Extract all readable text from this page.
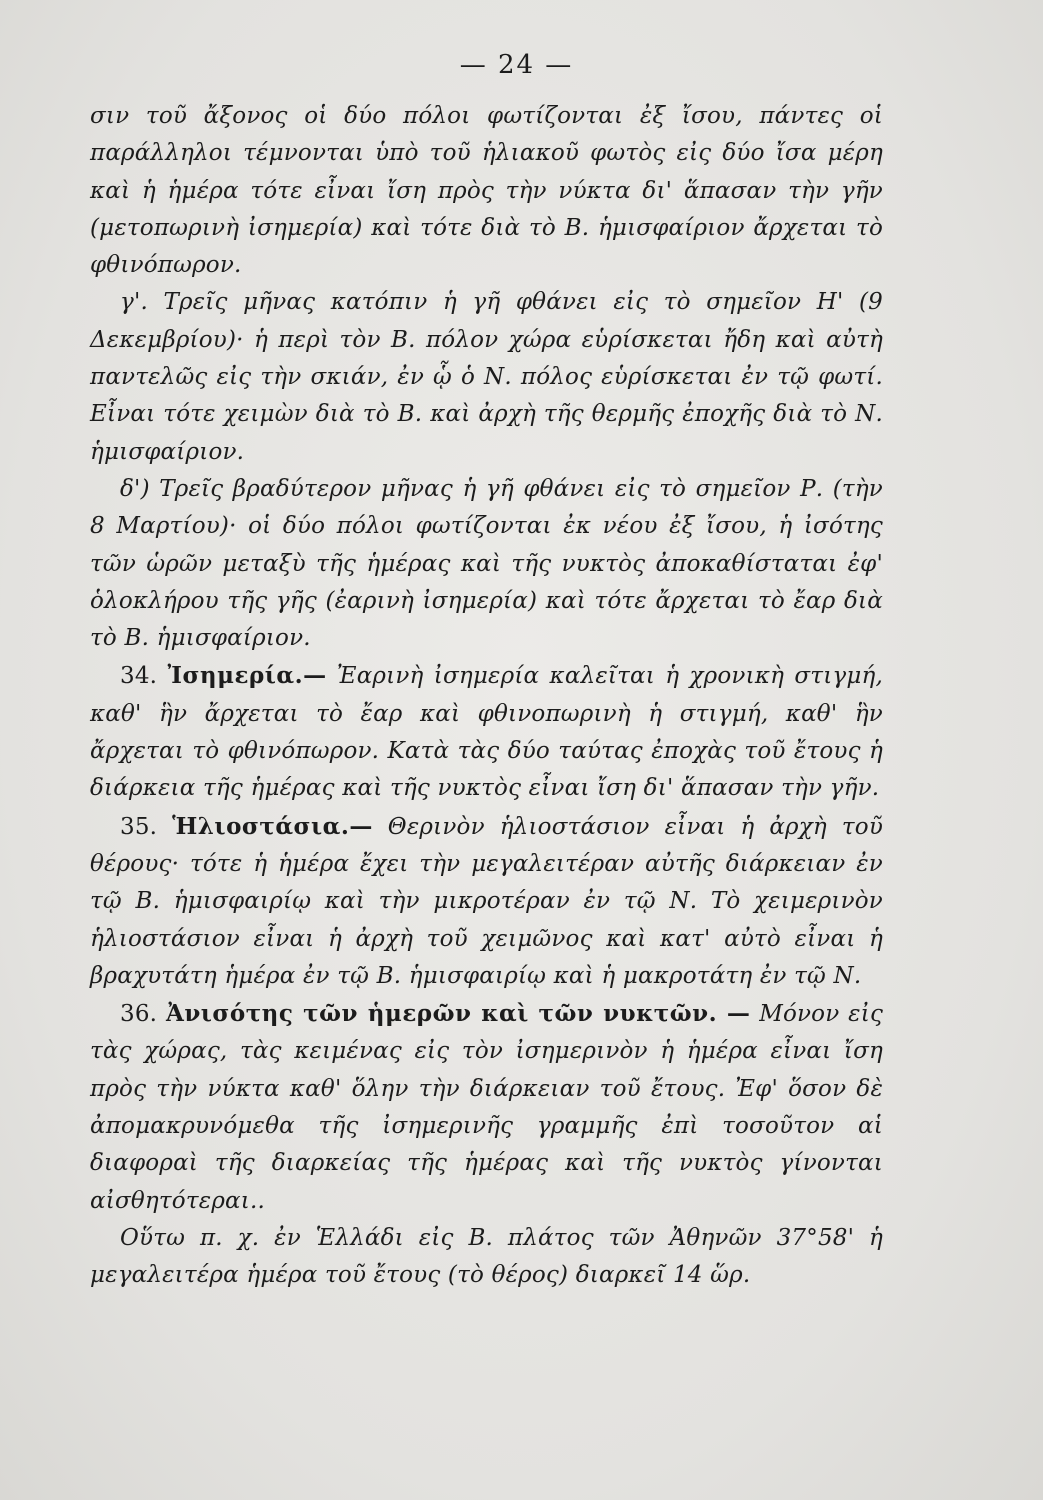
— 24 —

σιν τοῦ ἄξονος οἱ δύο πόλοι φωτίζονται ἐξ ἴσου, πάντες οἱ παράλληλοι τέμνονται ὑπὸ τοῦ ἡλιακοῦ φωτὸς εἰς δύο ἴσα μέρη καὶ ἡ ἡμέρα τότε εἶναι ἴση πρὸς τὴν νύκτα δι' ἅπασαν τὴν γῆν (μετοπωρινὴ ἰσημερία) καὶ τότε διὰ τὸ Β. ἡμισφαίριον ἄρχεται τὸ φθινόπωρον.

γ'. Τρεῖς μῆνας κατόπιν ἡ γῆ φθάνει εἰς τὸ σημεῖον Η' (9 Δεκεμβρίου)· ἡ περὶ τὸν Β. πόλον χώρα εὑρίσκεται ἤδη καὶ αὐτὴ παντελῶς εἰς τὴν σκιάν, ἐν ᾧ ὁ Ν. πόλος εὑρίσκεται ἐν τῷ φωτί. Εἶναι τότε χειμὼν διὰ τὸ Β. καὶ ἀρχὴ τῆς θερμῆς ἐποχῆς διὰ τὸ Ν. ἡμισφαίριον.

δ') Τρεῖς βραδύτερον μῆνας ἡ γῆ φθάνει εἰς τὸ σημεῖον Ρ. (τὴν 8 Μαρτίου)· οἱ δύο πόλοι φωτίζονται ἐκ νέου ἐξ ἴσου, ἡ ἰσότης τῶν ὡρῶν μεταξὺ τῆς ἡμέρας καὶ τῆς νυκτὸς ἀποκαθίσταται ἐφ' ὁλοκλήρου τῆς γῆς (ἐαρινὴ ἰσημερία) καὶ τότε ἄρχεται τὸ ἔαρ διὰ τὸ Β. ἡμισφαίριον.

34. Ἰσημερία.— Ἐαρινὴ ἰσημερία καλεῖται ἡ χρονικὴ στιγμή, καθ' ἣν ἄρχεται τὸ ἔαρ καὶ φθινοπωρινὴ ἡ στιγμή, καθ' ἣν ἄρχεται τὸ φθινόπωρον. Κατὰ τὰς δύο ταύτας ἐποχὰς τοῦ ἔτους ἡ διάρκεια τῆς ἡμέρας καὶ τῆς νυκτὸς εἶναι ἴση δι' ἅπασαν τὴν γῆν.

35. Ἡλιοστάσια.— Θερινὸν ἡλιοστάσιον εἶναι ἡ ἀρχὴ τοῦ θέρους· τότε ἡ ἡμέρα ἔχει τὴν μεγαλειτέραν αὐτῆς διάρκειαν ἐν τῷ Β. ἡμισφαιρίῳ καὶ τὴν μικροτέραν ἐν τῷ Ν. Τὸ χειμερινὸν ἡλιοστάσιον εἶναι ἡ ἀρχὴ τοῦ χειμῶνος καὶ κατ' αὐτὸ εἶναι ἡ βραχυτάτη ἡμέρα ἐν τῷ Β. ἡμισφαιρίῳ καὶ ἡ μακροτάτη ἐν τῷ Ν.

36. Ἀνισότης τῶν ἡμερῶν καὶ τῶν νυκτῶν. — Μόνον εἰς τὰς χώρας, τὰς κειμένας εἰς τὸν ἰσημερινὸν ἡ ἡμέρα εἶναι ἴση πρὸς τὴν νύκτα καθ' ὅλην τὴν διάρκειαν τοῦ ἔτους. Ἐφ' ὅσον δὲ ἀπομακρυνόμεθα τῆς ἰσημερινῆς γραμμῆς ἐπὶ τοσοῦτον αἱ διαφοραὶ τῆς διαρκείας τῆς ἡμέρας καὶ τῆς νυκτὸς γίνονται αἰσθητότεραι..

Οὕτω π. χ. ἐν Ἑλλάδι εἰς Β. πλάτος τῶν Ἀθηνῶν 37°58' ἡ μεγαλειτέρα ἡμέρα τοῦ ἔτους (τὸ θέρος) διαρκεῖ 14 ὥρ.
